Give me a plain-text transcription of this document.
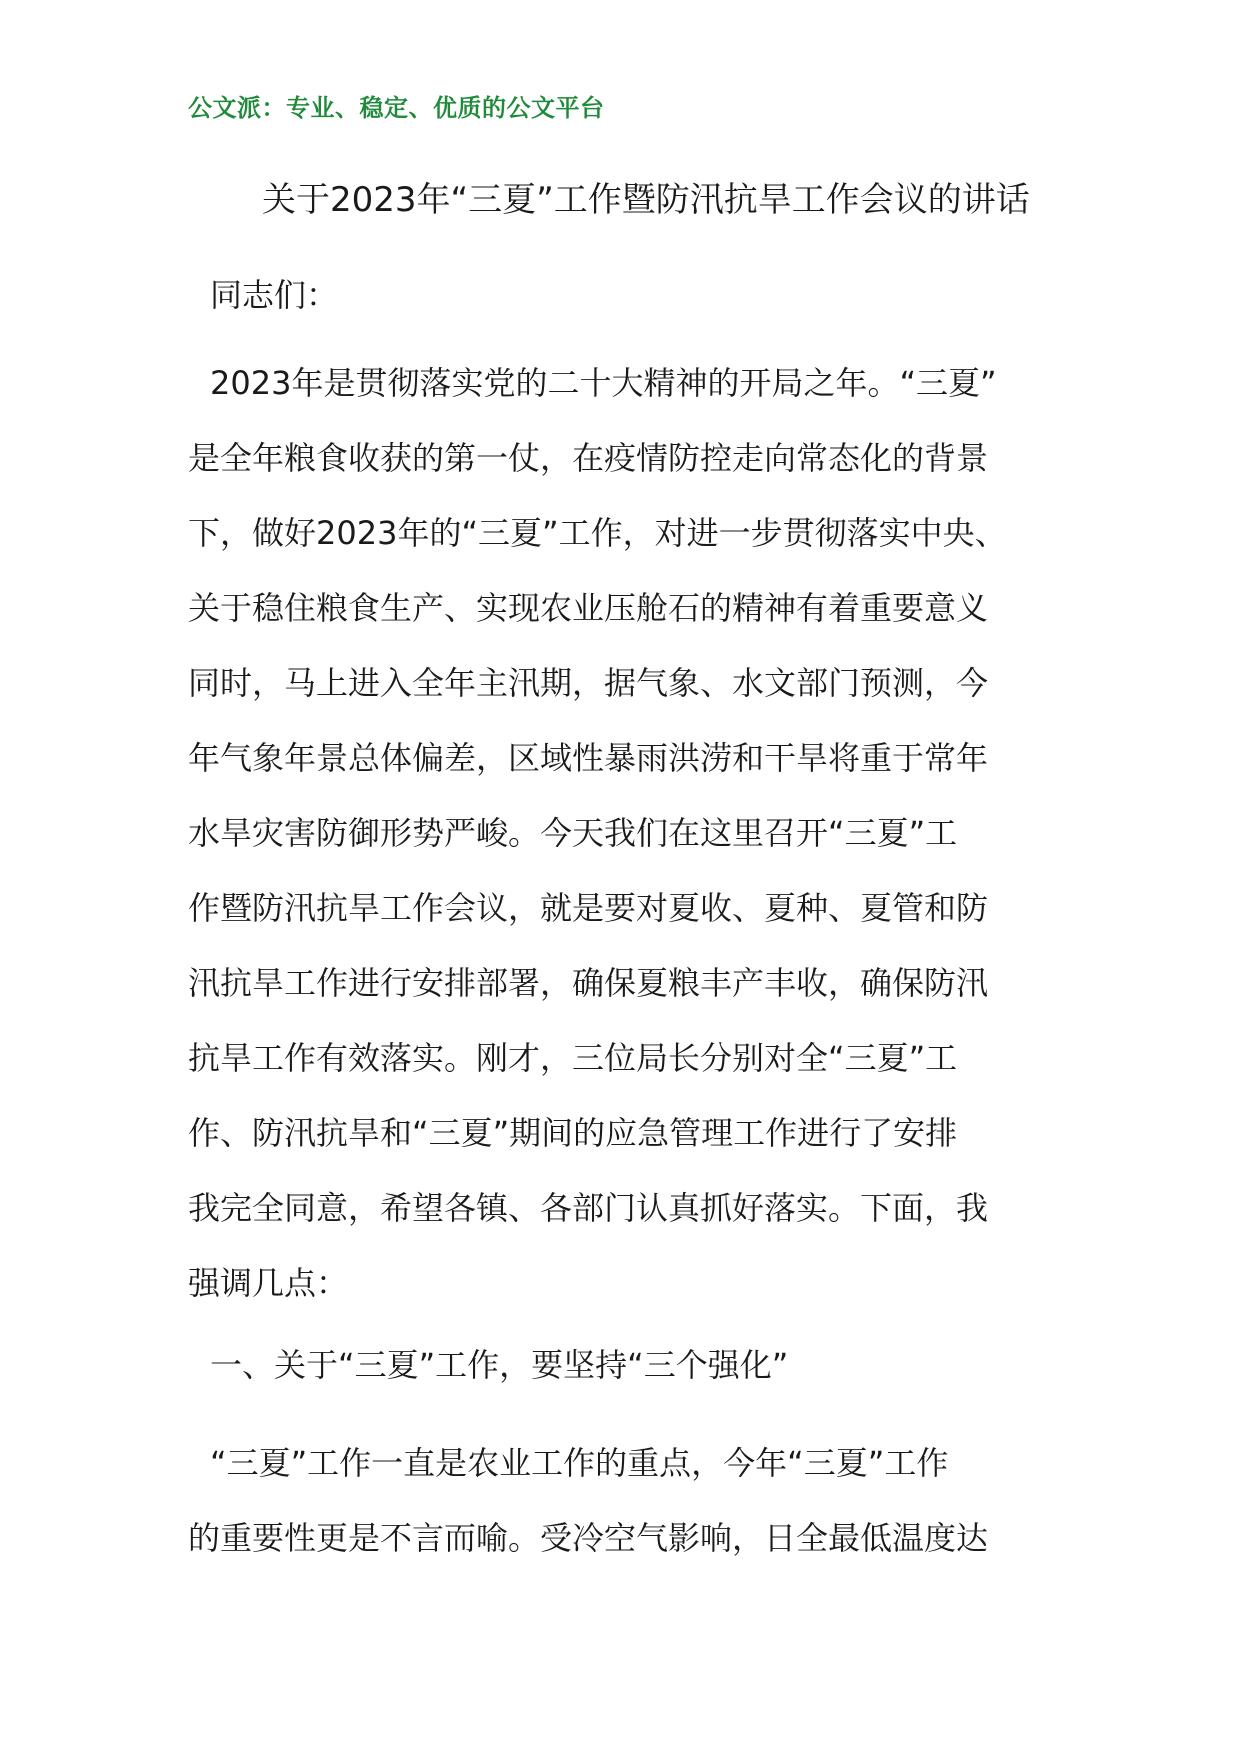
公文派：专业、稳定、优质的公文平台
关于2023年“三夏”工作暨防汛抗旱工作会议的讲话
同志们：
2023年是贯彻落实党的二十大精神的开局之年。“三夏”
是全年粮食收获的第一仗，在疫情防控走向常态化的背景
下，做好2023年的“三夏”工作，对进一步贯彻落实中央、
关于稳住粮食生产、实现农业压舱石的精神有着重要意义
同时，马上进入全年主汛期，据气象、水文部门预测，今
年气象年景总体偏差，区域性暴雨洪涝和干旱将重于常年
水旱灾害防御形势严峻。今天我们在这里召开“三夏”工
作暨防汛抗旱工作会议，就是要对夏收、夏种、夏管和防
汛抗旱工作进行安排部署，确保夏粮丰产丰收，确保防汛
抗旱工作有效落实。刚才，三位局长分别对全“三夏”工
作、防汛抗旱和“三夏”期间的应急管理工作进行了安排
我完全同意，希望各镇、各部门认真抓好落实。下面，我
强调几点：
一、关于“三夏”工作，要坚持“三个强化”
“三夏”工作一直是农业工作的重点，今年“三夏”工作
的重要性更是不言而喻。受冷空气影响，日全最低温度达
